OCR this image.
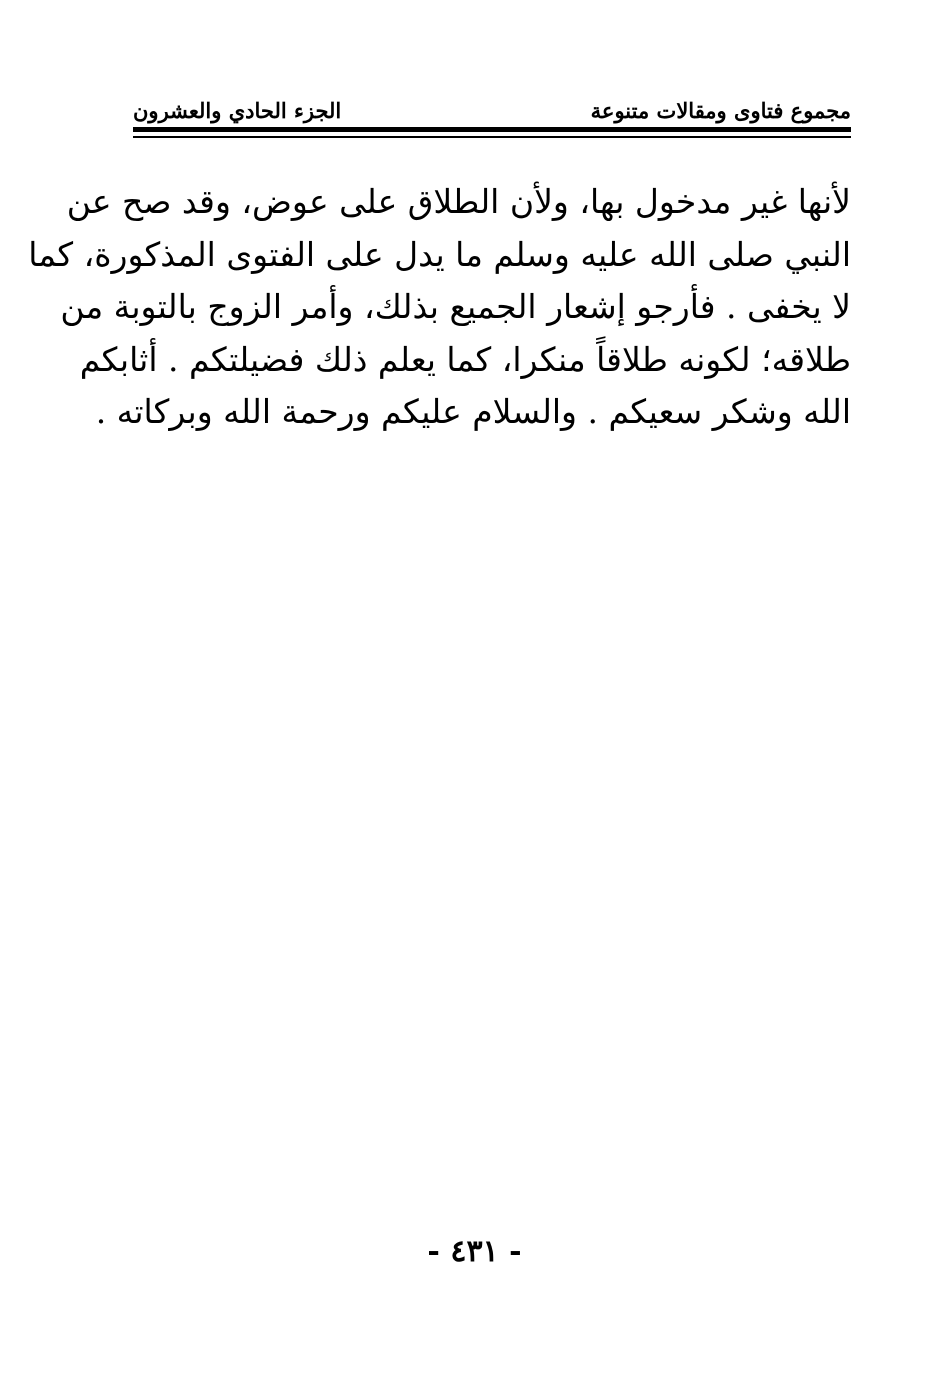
مجموع فتاوى ومقالات متنوعة
الجزء الحادي والعشرون
لأنها غير مدخول بها، ولأن الطلاق على عوض، وقد صح عن
النبي صلى الله عليه وسلم ما يدل على الفتوى المذكورة، كما
لا يخفى . فأرجو إشعار الجميع بذلك، وأمر الزوج بالتوبة من
طلاقه؛ لكونه طلاقاً منكرا، كما يعلم ذلك فضيلتكم . أثابكم
الله وشكر سعيكم . والسلام عليكم ورحمة الله وبركاته .
- ٤٣١ -
